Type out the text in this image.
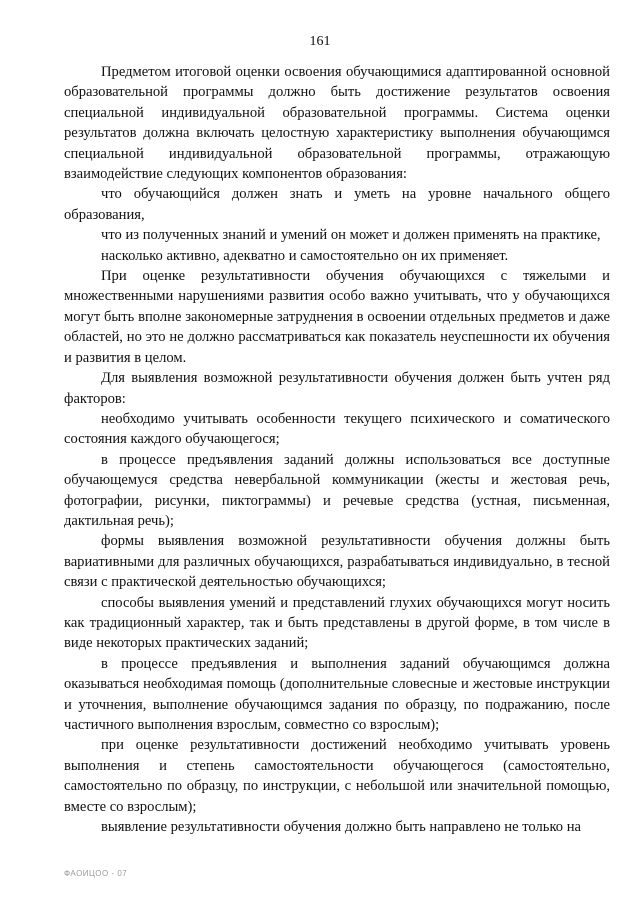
161

Предметом итоговой оценки освоения обучающимися адаптированной основной образовательной программы должно быть достижение результатов освоения специальной индивидуальной образовательной программы. Система оценки результатов должна включать целостную характеристику выполнения обучающимся специальной индивидуальной образовательной программы, отражающую взаимодействие следующих компонентов образования:

что обучающийся должен знать и уметь на уровне начального общего образования,

что из полученных знаний и умений он может и должен применять на практике,

насколько активно, адекватно и самостоятельно он их применяет.

При оценке результативности обучения обучающихся с тяжелыми и множественными нарушениями развития особо важно учитывать, что у обучающихся могут быть вполне закономерные затруднения в освоении отдельных предметов и даже областей, но это не должно рассматриваться как показатель неуспешности их обучения и развития в целом.

Для выявления возможной результативности обучения должен быть учтен ряд факторов:

необходимо учитывать особенности текущего психического и соматического состояния каждого обучающегося;

в процессе предъявления заданий должны использоваться все доступные обучающемуся средства невербальной коммуникации (жесты и жестовая речь, фотографии, рисунки, пиктограммы) и речевые средства (устная, письменная, дактильная речь);

формы выявления возможной результативности обучения должны быть вариативными для различных обучающихся, разрабатываться индивидуально, в тесной связи с практической деятельностью обучающихся;

способы выявления умений и представлений глухих обучающихся могут носить как традиционный характер, так и быть представлены в другой форме, в том числе в виде некоторых практических заданий;

в процессе предъявления и выполнения заданий обучающимся должна оказываться необходимая помощь (дополнительные словесные и жестовые инструкции и уточнения, выполнение обучающимся задания по образцу, по подражанию, после частичного выполнения взрослым, совместно со взрослым);

при оценке результативности достижений необходимо учитывать уровень выполнения и степень самостоятельности обучающегося (самостоятельно, самостоятельно по образцу, по инструкции, с небольшой или значительной помощью, вместе со взрослым);

выявление результативности обучения должно быть направлено не только на

ФАОИЦОО - 07
